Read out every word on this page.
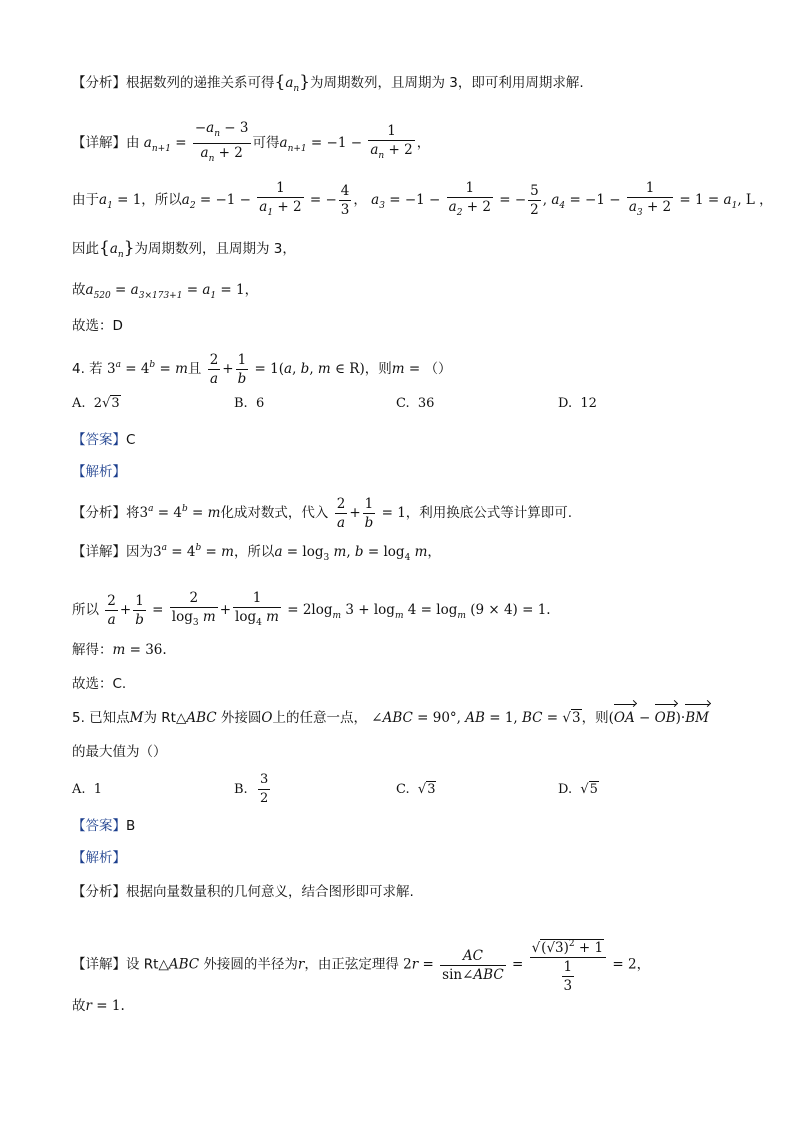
【分析】根据数列的递推关系可得$\{a_n\}$为周期数列，且周期为 3，即可利用周期求解.
【详解】由 $a_{n+1} = \frac{-a_n - 3}{a_n + 2}$ 可得$a_{n+1} = -1 - \frac{1}{a_n + 2}$ ，
由于$a_1 = 1$，所以$a_2 = -1 - \frac{1}{a_1 + 2}$ = − $\frac{4}{3}$ ， $a_3 = -1 - \frac{1}{a_2 + 2}$ = − $\frac{5}{2}$ , $a_4 = -1 - \frac{1}{a_3 + 2} = 1 = a_1$, L ，
因此$\{a_n\}$为周期数列，且周期为 3，
故$a_{520} = a_{3\times 173+1} = a_1 = 1$，
故选：D
4. 若 $3^a = 4^b = m$且 $\frac{2}{a} + \frac{1}{b} = 1(a$, b, m ∈ R)，则m = （）
A.  2√3	B. 6	C. 36	D. 12
【答案】C
【解析】
【分析】将$3^a = 4^b = m$化成对数式，代入 $\frac{2}{a} + \frac{1}{b} = 1$，利用换底公式等计算即可.
【详解】因为$3^a = 4^b = m$，所以$a = \log_3 m$, $b = \log_4 m$，
所以 $\frac{2}{a} + \frac{1}{b} = \frac{2}{\log_3 m} + \frac{1}{\log_4 m} = 2\log_m$ $3 + \log_m 4 = \log_m (9 \times 4) = 1$.
解得：m = 36.
故选：C.
5. 已知点M为 Rt△ABC 外接圆O上的任意一点， ∠ABC = 90°, AB = 1, BC = √3，则(OA − OB)·BM
的最大值为（）
A. 1	B. $\frac{3}{2}$	C. √3	D. √5
【答案】B
【解析】
【分析】根据向量数量积的几何意义，结合图形即可求解.
【详解】设 Rt△ABC 外接圆的半径为r，由正弦定理得 $2r = \frac{AC}{\text{sin∠ABC}} = \frac{√(√3)^2 + 1}{\frac{1}{3}} = 2$，
故r = 1.
